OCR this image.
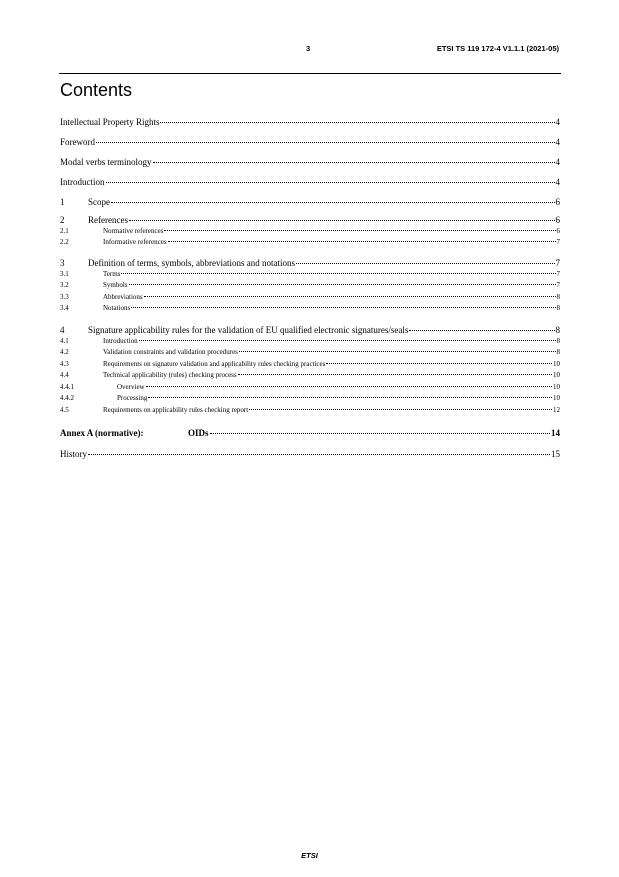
3	ETSI TS 119 172-4 V1.1.1 (2021-05)
Contents
Intellectual Property Rights	4
Foreword	4
Modal verbs terminology	4
Introduction	4
1	Scope	6
2	References	6
2.1	Normative references	6
2.2	Informative references	7
3	Definition of terms, symbols, abbreviations and notations	7
3.1	Terms	7
3.2	Symbols	7
3.3	Abbreviations	8
3.4	Notations	8
4	Signature applicability rules for the validation of EU qualified electronic signatures/seals	8
4.1	Introduction	8
4.2	Validation constraints and validation procedures	8
4.3	Requirements on signature validation and applicability rules checking practices	10
4.4	Technical applicability (rules) checking process	10
4.4.1	Overview	10
4.4.2	Processing	10
4.5	Requirements on applicability rules checking report	12
Annex A (normative):	OIDs	14
History	15
ETSI
